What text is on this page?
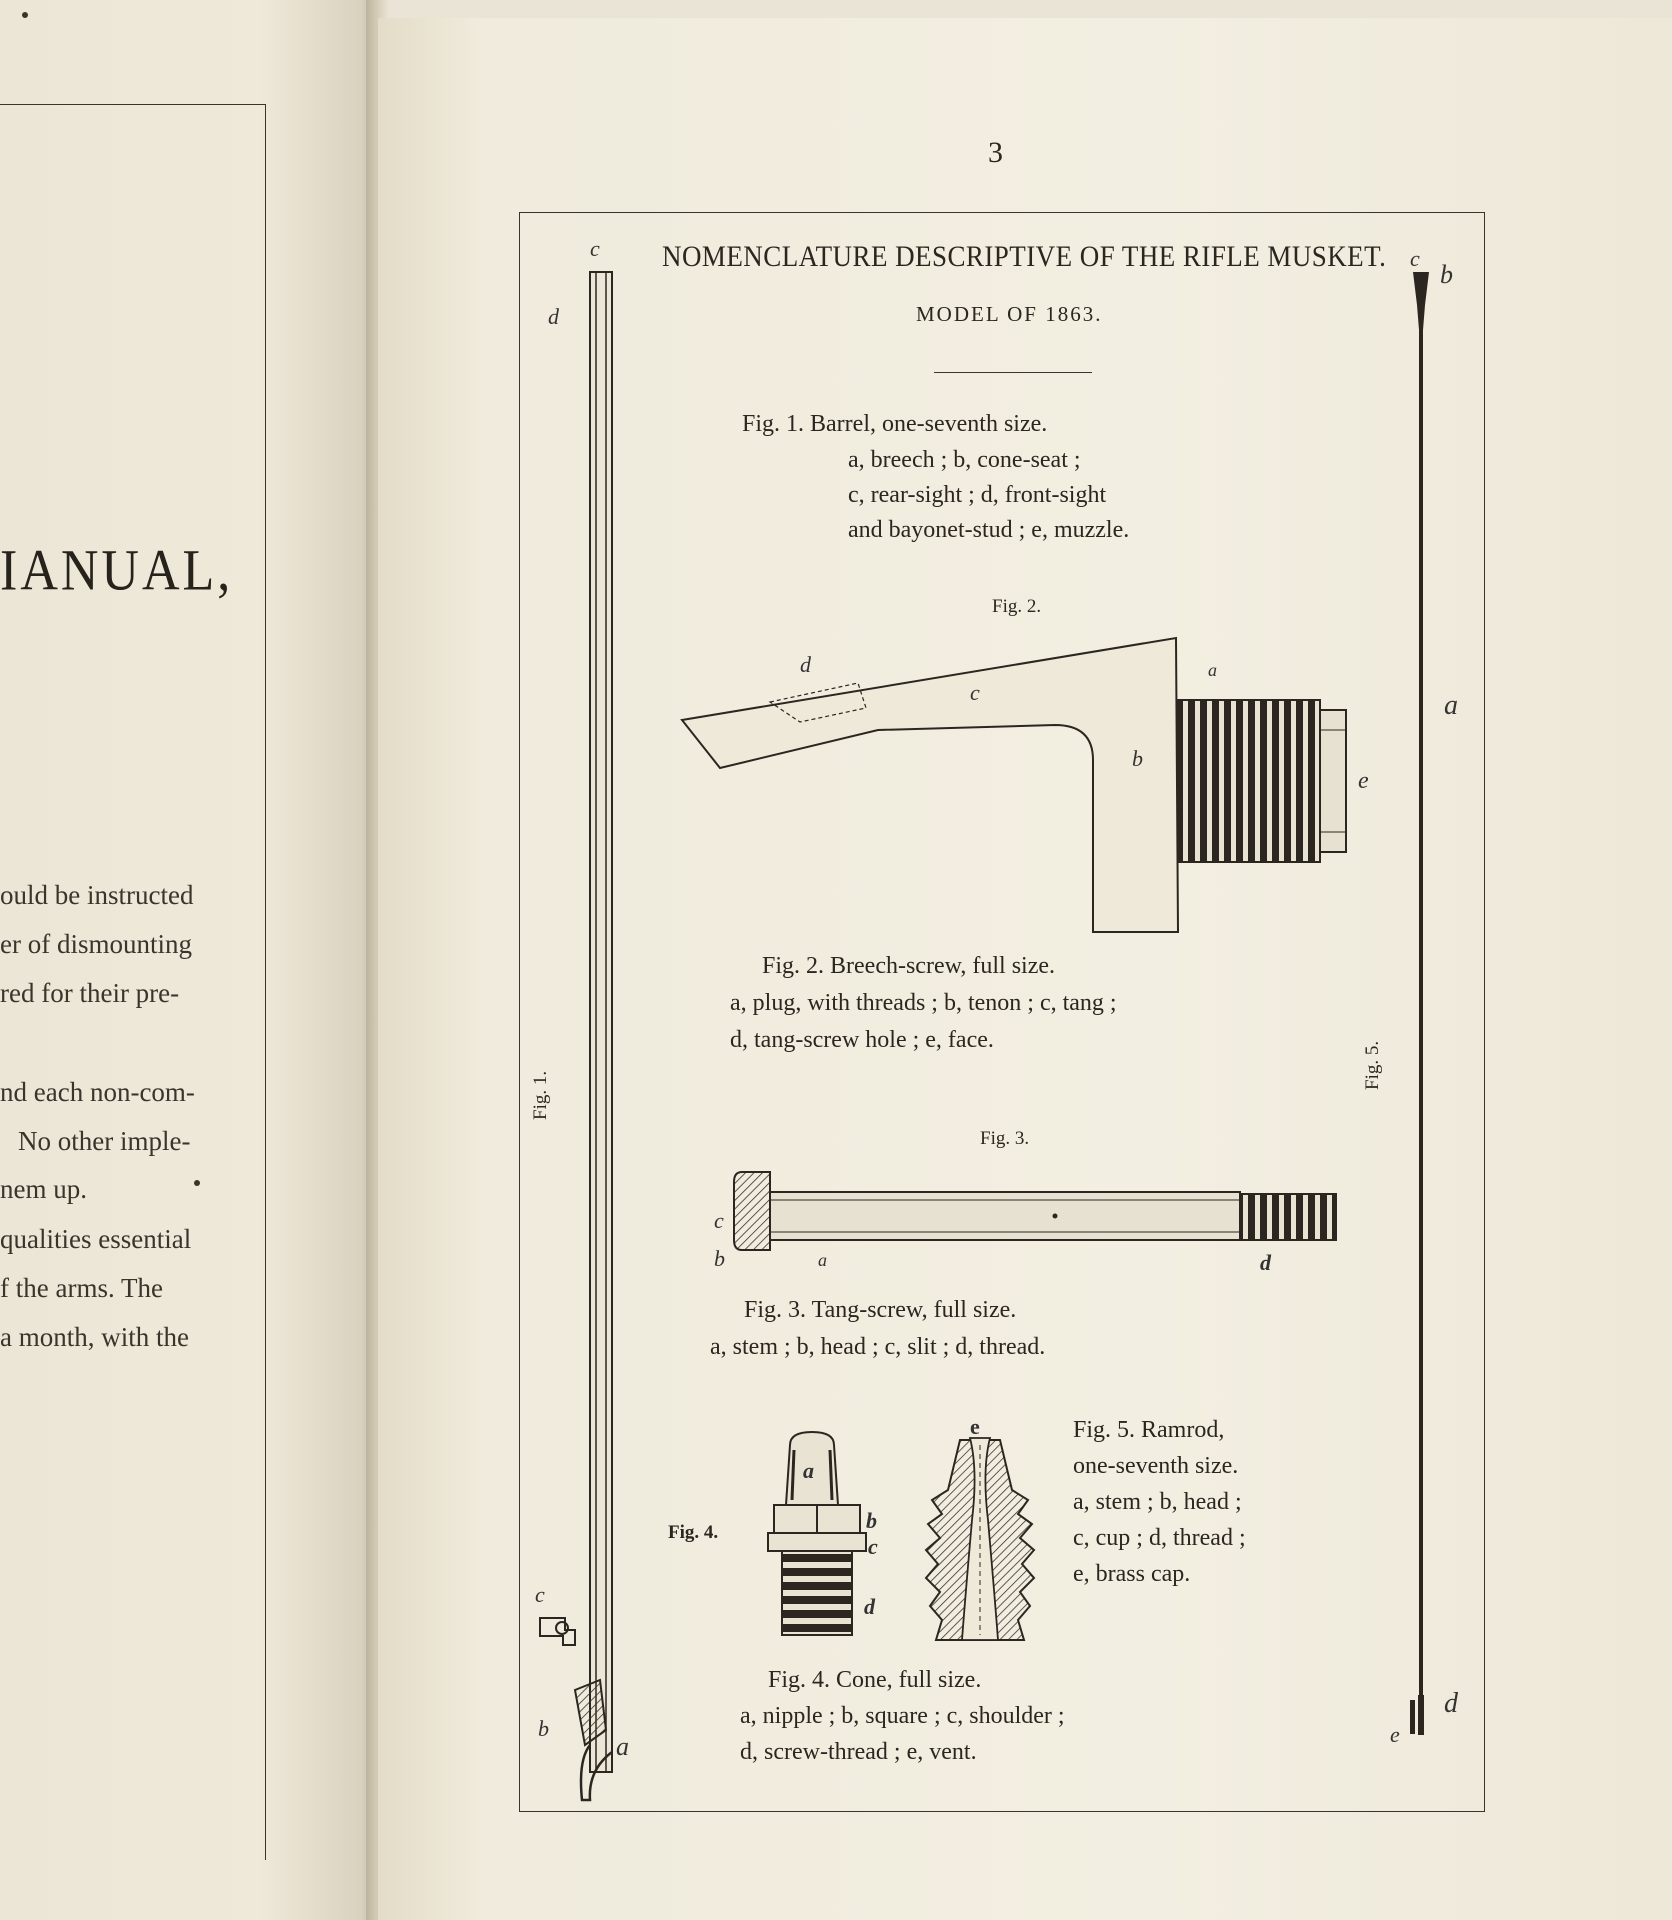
IANUAL,
ould be instructed
er of dismounting
red for their pre-
nd each non-com-
No other imple-
nem up.
qualities essential
f the arms. The
a month, with the
3
NOMENCLATURE DESCRIPTIVE OF THE RIFLE MUSKET.
MODEL OF 1863.
c
d
c
b
a
c
b
a
d
e
d
c
a
b
e
c
b	a	d
a
b
c
d
e
Fig. 2.
Fig. 3.
Fig. 4.
Fig. 1.
Fig. 5.
Fig. 1. Barrel, one-seventh size.
a, breech ; b, cone-seat ;
c, rear-sight ; d, front-sight
and bayonet-stud ; e, muzzle.
Fig. 2. Breech-screw, full size.
a, plug, with threads ; b, tenon ; c, tang ;
d, tang-screw hole ; e, face.
Fig. 3. Tang-screw, full size.
a, stem ; b, head ; c, slit ; d, thread.
Fig. 5. Ramrod,
one-seventh size.
a, stem ; b, head ;
c, cup ; d, thread ;
e, brass cap.
Fig. 4. Cone, full size.
a, nipple ; b, square ; c, shoulder ;
d, screw-thread ; e, vent.
